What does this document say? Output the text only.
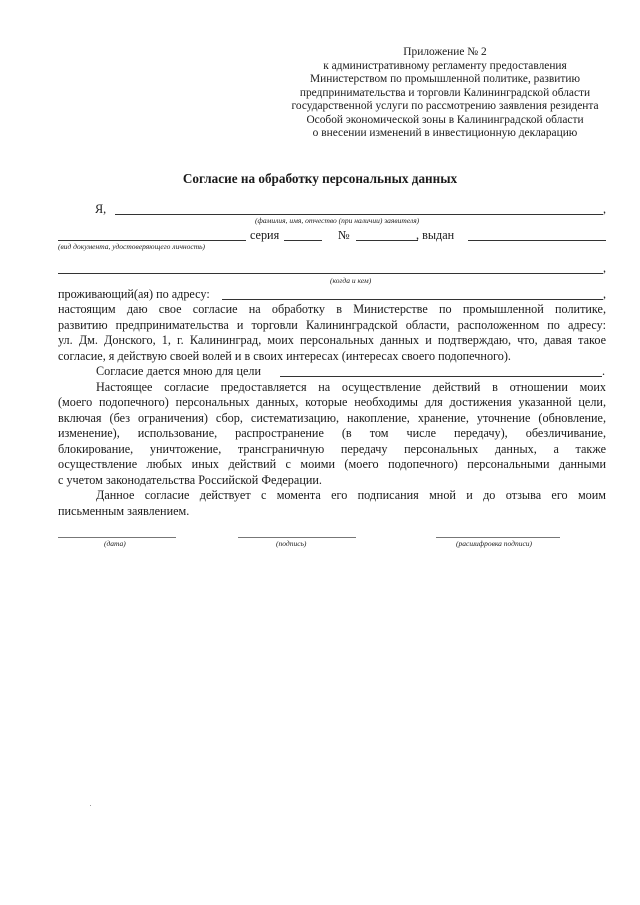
Приложение № 2
к административному регламенту предоставления
Министерством по промышленной политике, развитию
предпринимательства и торговли Калининградской области
государственной услуги по рассмотрению заявления резидента
Особой экономической зоны в Калининградской области
о внесении изменений в инвестиционную декларацию
Согласие на обработку персональных данных
Я,	,
(фамилия, имя, отчество (при наличии) заявителя)
серия	№	, выдан
(вид документа, удостоверяющего личность)
,
(когда и кем)
проживающий(ая) по адресу:	,
настоящим даю свое согласие на обработку в Министерстве по промышленной политике,
развитию предпринимательства и торговли Калининградской области, расположенном по адресу:
ул. Дм. Донского, 1, г. Калининград, моих персональных данных и подтверждаю, что, давая такое
согласие, я действую своей волей и в своих интересах (интересах своего подопечного).
Согласие дается мною для цели	.
Настоящее согласие предоставляется на осуществление действий в отношении моих
(моего подопечного) персональных данных, которые необходимы для достижения указанной цели,
включая (без ограничения) сбор, систематизацию, накопление, хранение, уточнение (обновление,
изменение), использование, распространение (в том числе передачу), обезличивание,
блокирование, уничтожение, трансграничную передачу персональных данных, а также
осуществление любых иных действий с моими (моего подопечного) персональными данными
с учетом законодательства Российской Федерации.
Данное согласие действует с момента его подписания мной и до отзыва его моим
письменным заявлением.
(дата)	(подпись)	(расшифровка подписи)
